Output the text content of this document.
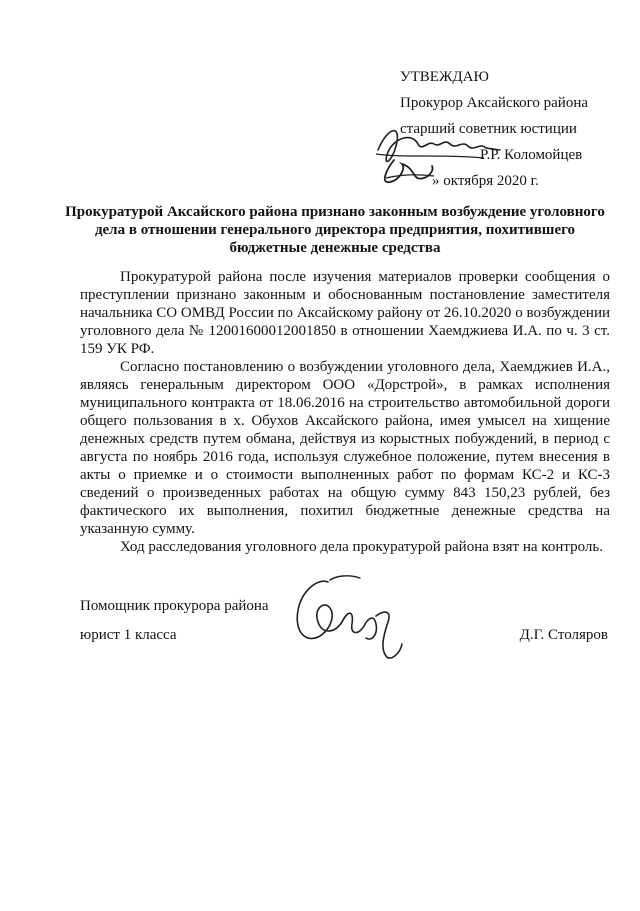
УТВЕЖДАЮ
Прокурор Аксайского района
старший советник юстиции
Р.Р. Коломойцев
» октября 2020 г.
Прокуратурой Аксайского района признано законным возбуждение уголовного дела в отношении генерального директора предприятия, похитившего бюджетные денежные средства

Прокуратурой района после изучения материалов проверки сообщения о преступлении признано законным и обоснованным постановление заместителя начальника СО ОМВД России по Аксайскому району от 26.10.2020 о возбуждении уголовного дела № 12001600012001850 в отношении Хаемджиева И.А. по ч. 3 ст. 159 УК РФ.

Согласно постановлению о возбуждении уголовного дела, Хаемджиев И.А., являясь генеральным директором ООО «Дорстрой», в рамках исполнения муниципального контракта от 18.06.2016 на строительство автомобильной дороги общего пользования в х. Обухов Аксайского района, имея умысел на хищение денежных средств путем обмана, действуя из корыстных побуждений, в период с августа по ноябрь 2016 года, используя служебное положение, путем внесения в акты о приемке и о стоимости выполненных работ по формам КС-2 и КС-3 сведений о произведенных работах на общую сумму 843 150,23 рублей, без фактического их выполнения, похитил бюджетные денежные средства на указанную сумму.

Ход расследования уголовного дела прокуратурой района взят на контроль.

Помощник прокурора района
юрист 1 класса	Д.Г. Столяров
